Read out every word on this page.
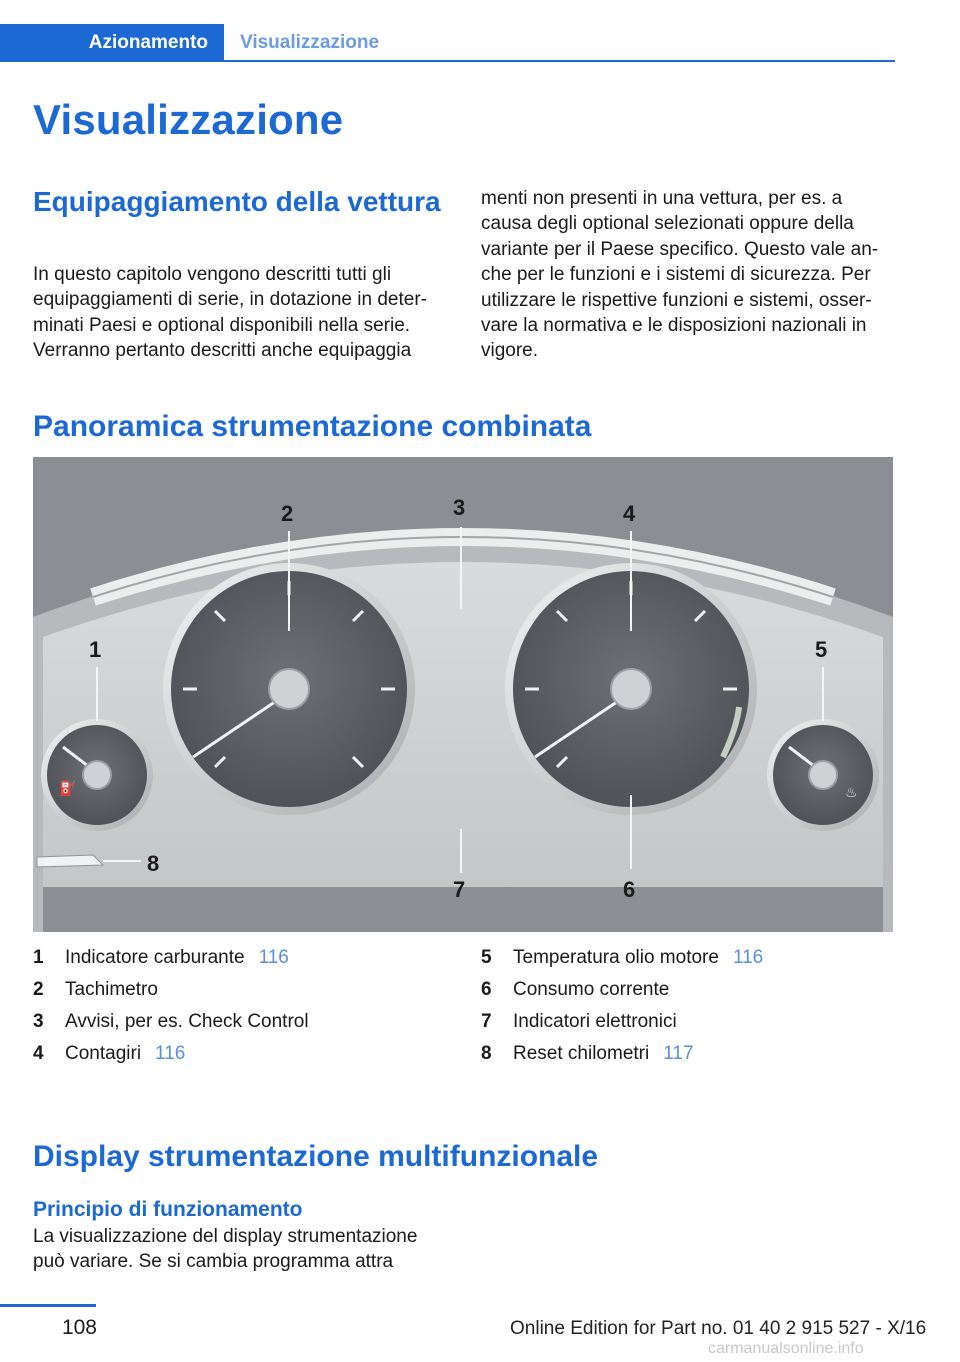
Azionamento	Visualizzazione
Visualizzazione
Equipaggiamento della vettura

In questo capitolo vengono descritti tutti gli equipaggiamenti di serie, in dotazione in determinati Paesi e optional disponibili nella serie. Verranno pertanto descritti anche equipaggia

menti non presenti in una vettura, per es. a causa degli optional selezionati oppure della variante per il Paese specifico. Questo vale anche per le funzioni e i sistemi di sicurezza. Per utilizzare le rispettive funzioni e sistemi, osservare la normativa e le disposizioni nazionali in vigore.

Panoramica strumentazione combinata
⛽	♨
1
2	3	4
5
6
7
8
1	Indicatore carburante 116
2	Tachimetro
3	Avvisi, per es. Check Control
4	Contagiri 116
5	Temperatura olio motore 116
6	Consumo corrente
7	Indicatori elettronici
8	Reset chilometri 117
Display strumentazione multifunzionale
Principio di funzionamento

La visualizzazione del display strumentazione può variare. Se si cambia programma attra

108	Online Edition for Part no. 01 40 2 915 527 - X/16
carmanualsonline.info
